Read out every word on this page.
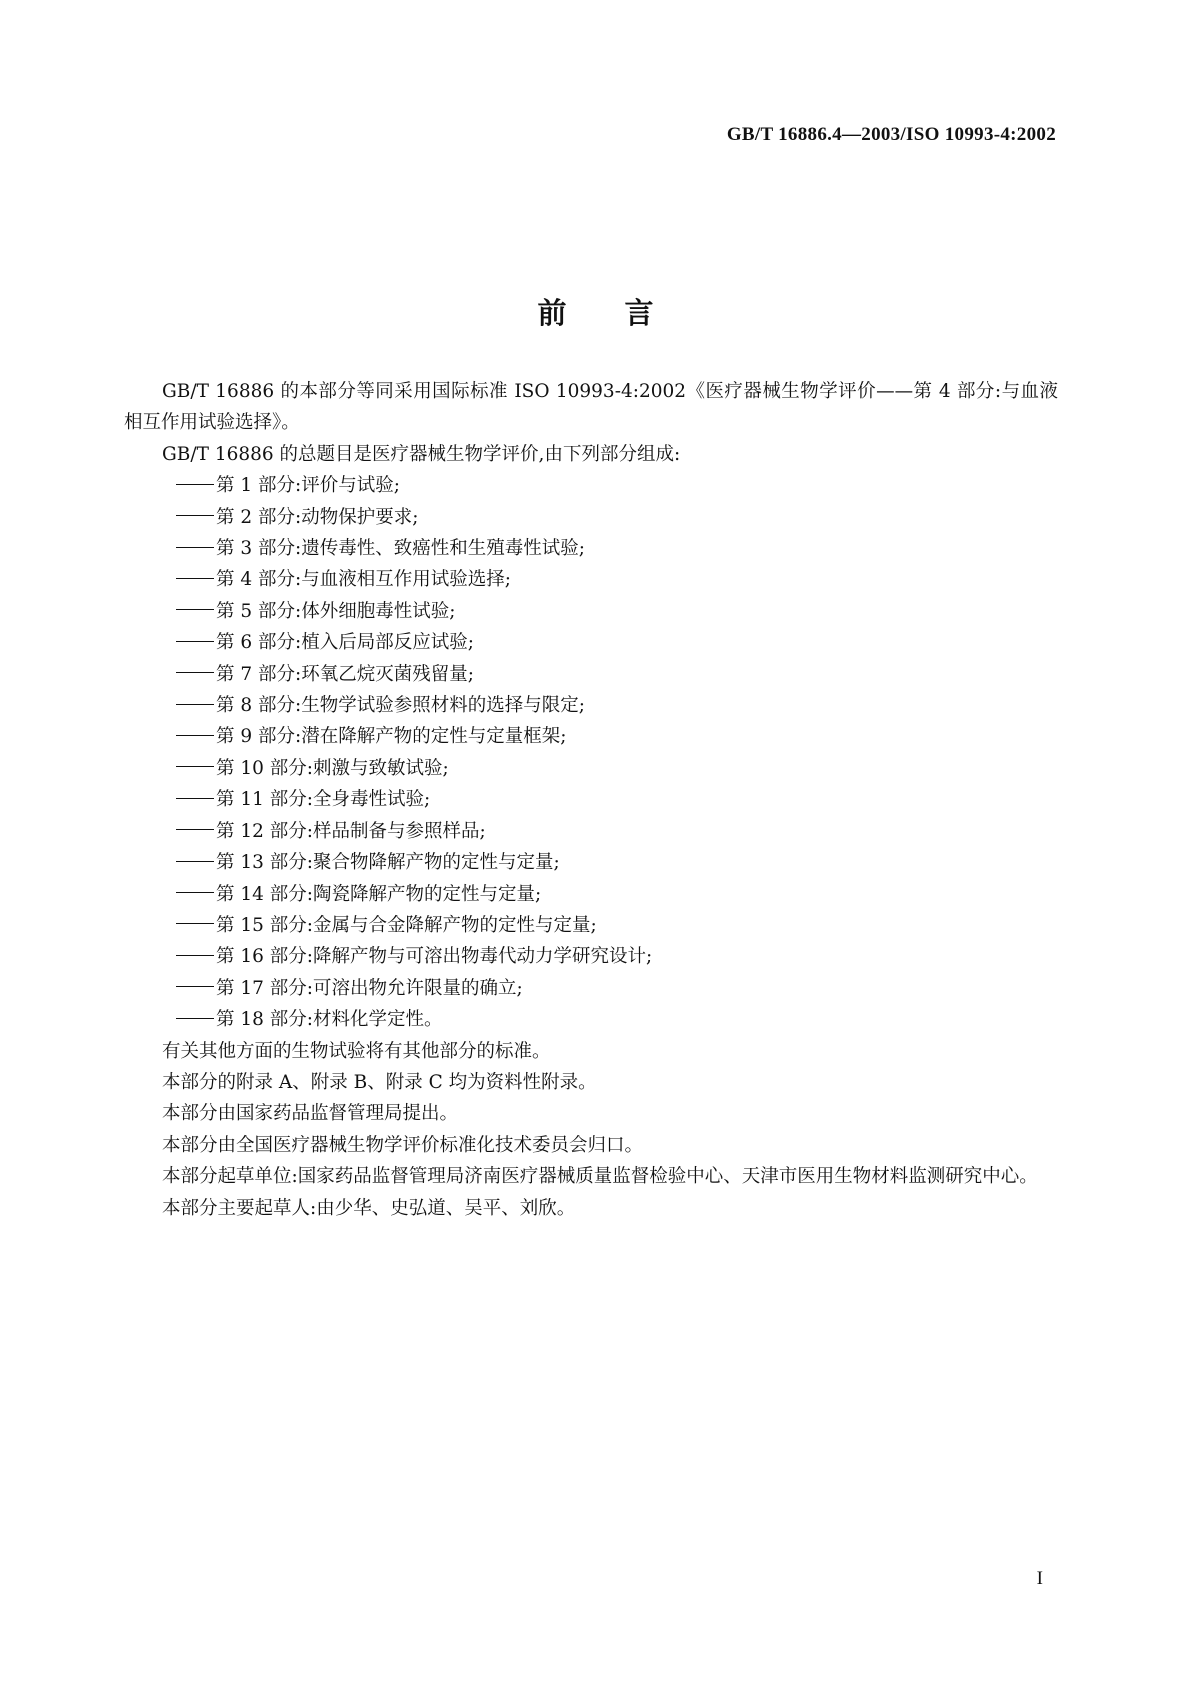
GB/T 16886.4—2003/ISO 10993-4:2002
前言

GB/T 16886 的本部分等同采用国际标准 ISO 10993-4:2002《医疗器械生物学评价——第 4 部分:与血液相互作用试验选择》。

GB/T 16886 的总题目是医疗器械生物学评价,由下列部分组成:

第 1 部分:评价与试验;
第 2 部分:动物保护要求;
第 3 部分:遗传毒性、致癌性和生殖毒性试验;
第 4 部分:与血液相互作用试验选择;
第 5 部分:体外细胞毒性试验;
第 6 部分:植入后局部反应试验;
第 7 部分:环氧乙烷灭菌残留量;
第 8 部分:生物学试验参照材料的选择与限定;
第 9 部分:潜在降解产物的定性与定量框架;
第 10 部分:刺激与致敏试验;
第 11 部分:全身毒性试验;
第 12 部分:样品制备与参照样品;
第 13 部分:聚合物降解产物的定性与定量;
第 14 部分:陶瓷降解产物的定性与定量;
第 15 部分:金属与合金降解产物的定性与定量;
第 16 部分:降解产物与可溶出物毒代动力学研究设计;
第 17 部分:可溶出物允许限量的确立;
第 18 部分:材料化学定性。

有关其他方面的生物试验将有其他部分的标准。

本部分的附录 A、附录 B、附录 C 均为资料性附录。

本部分由国家药品监督管理局提出。

本部分由全国医疗器械生物学评价标准化技术委员会归口。

本部分起草单位:国家药品监督管理局济南医疗器械质量监督检验中心、天津市医用生物材料监测研究中心。

本部分主要起草人:由少华、史弘道、吴平、刘欣。

I
